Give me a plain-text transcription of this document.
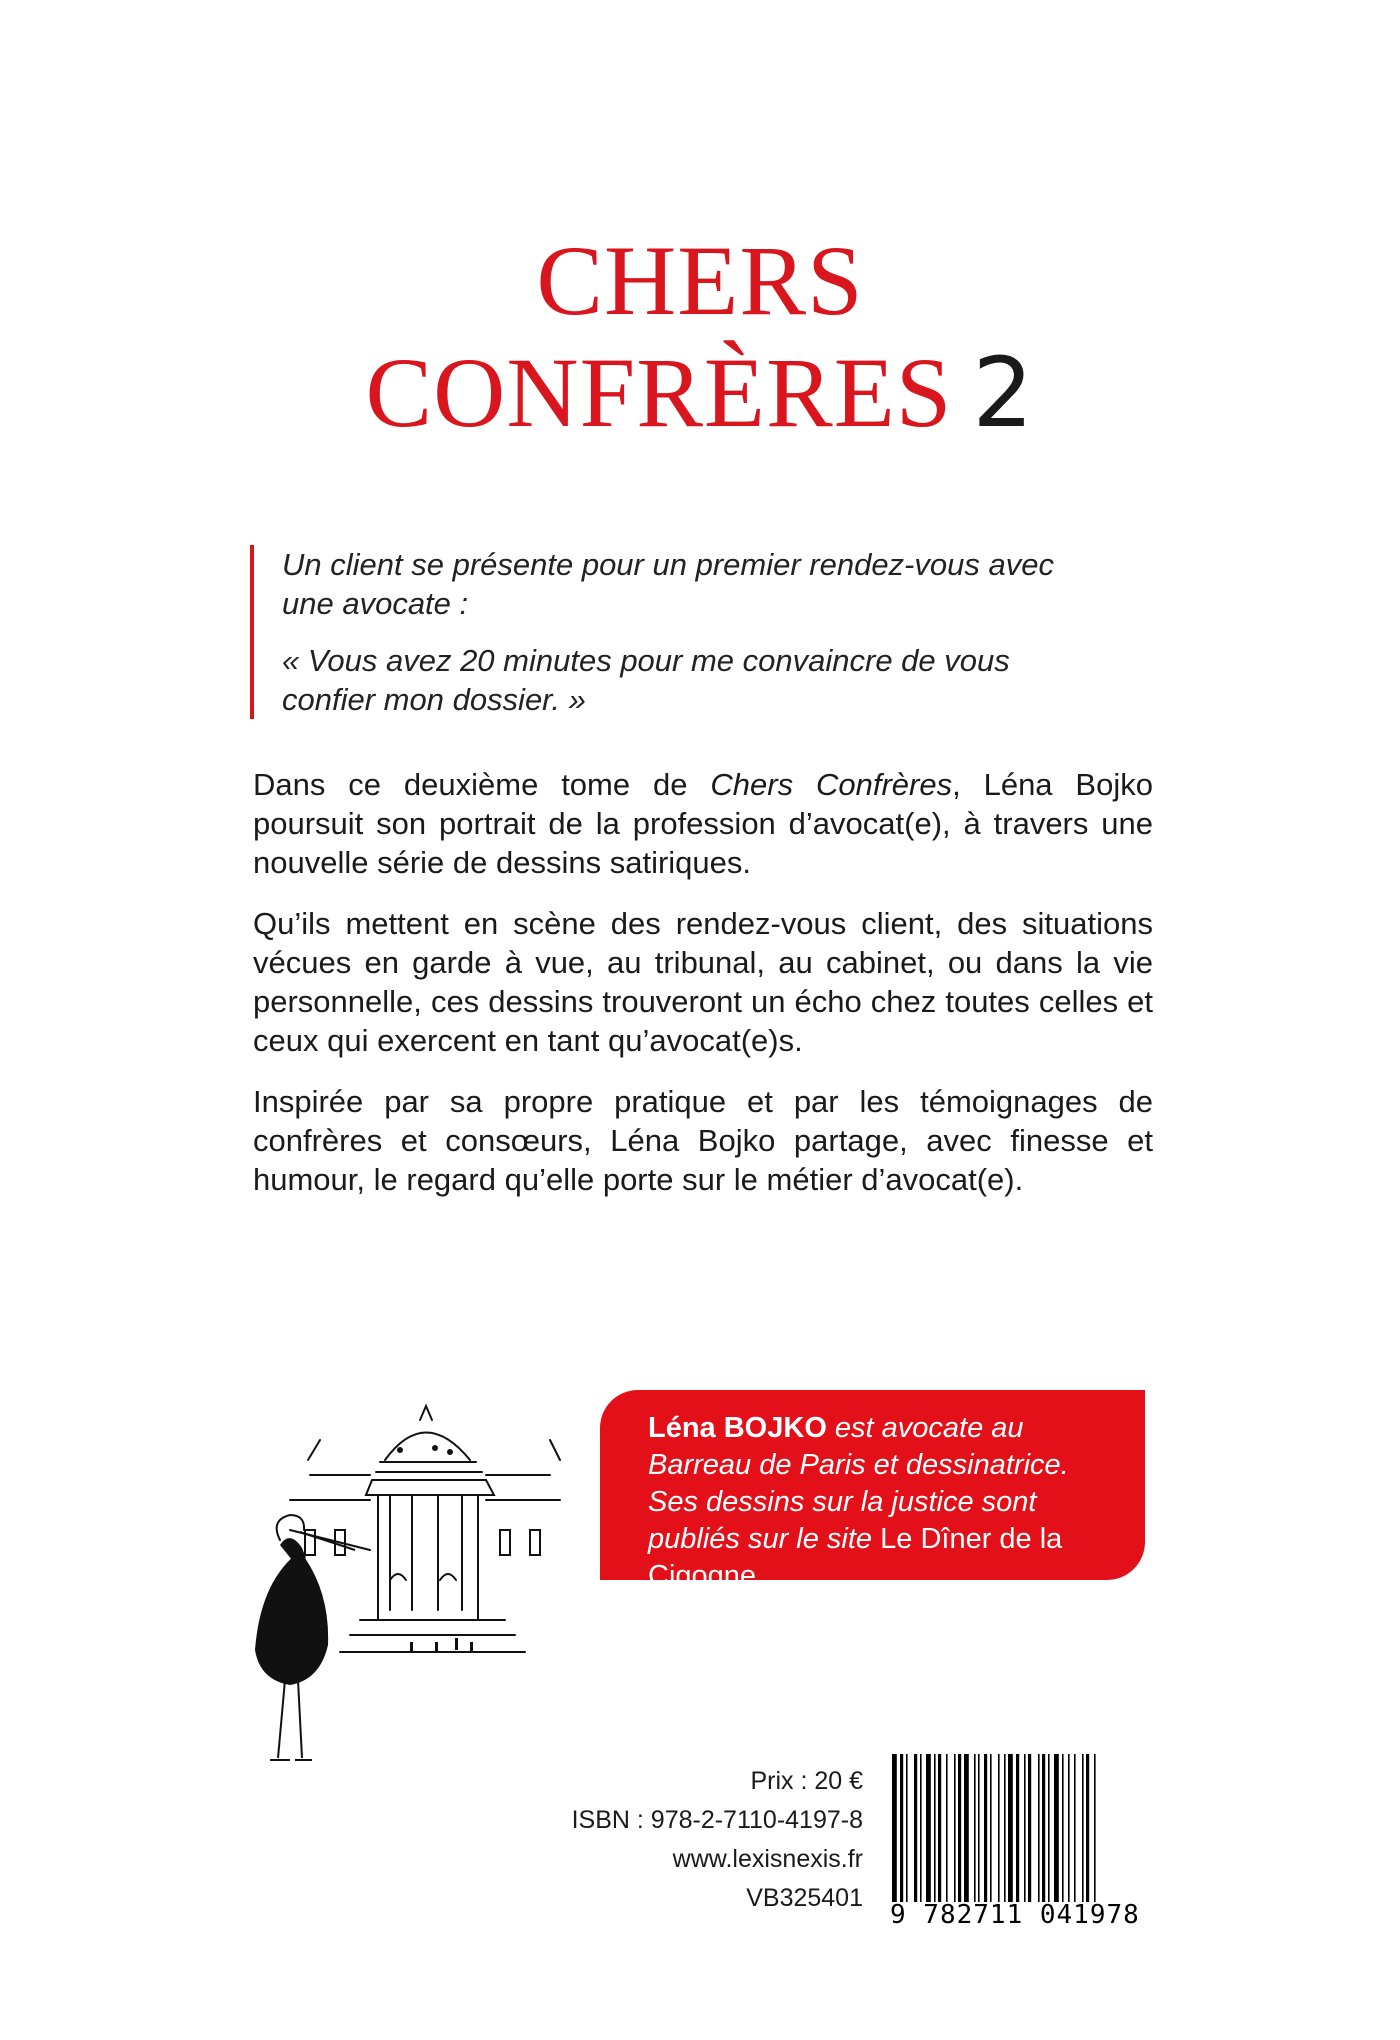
CHERS
CONFRÈRES 2

Un client se présente pour un premier rendez-vous avec une avocate :

« Vous avez 20 minutes pour me convaincre de vous confier mon dossier. »

Dans ce deuxième tome de Chers Confrères, Léna Bojko poursuit son portrait de la profession d’avocat(e), à travers une nouvelle série de dessins satiriques.

Qu’ils mettent en scène des rendez-vous client, des situations vécues en garde à vue, au tribunal, au cabinet, ou dans la vie personnelle, ces dessins trouveront un écho chez toutes celles et ceux qui exercent en tant qu’avocat(e)s.

Inspirée par sa propre pratique et par les témoignages de confrères et consœurs, Léna Bojko partage, avec finesse et humour, le regard qu’elle porte sur le métier d’avocat(e).

Léna BOJKO est avocate au Barreau de Paris et dessinatrice. Ses dessins sur la justice sont publiés sur le site Le Dîner de la Cigogne.
Prix : 20 €
ISBN : 978-2-7110-4197-8
www.lexisnexis.fr
VB325401
9 782711 041978
